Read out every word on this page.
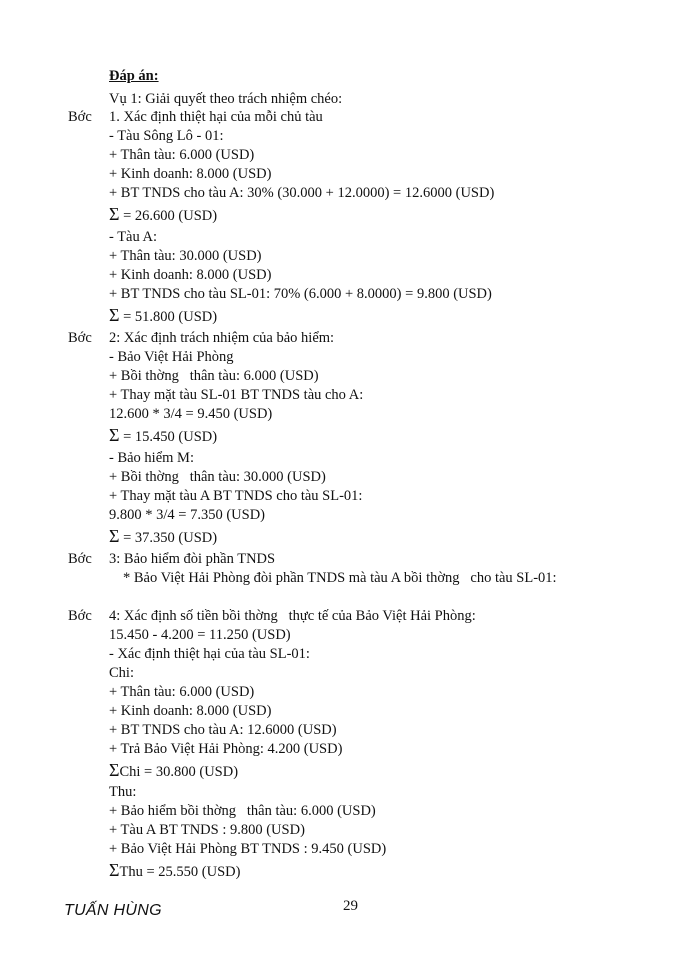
Đáp án:
Vụ 1: Giải quyết theo trách nhiệm chéo:
Bớc 1. Xác định thiệt hại của mỗi chủ tàu
- Tàu Sông Lô - 01:
+ Thân tàu: 6.000 (USD)
+ Kinh doanh: 8.000 (USD)
+ BT TNDS cho tàu A: 30% (30.000 + 12.0000) = 12.6000 (USD)
Σ = 26.600 (USD)
- Tàu A:
+ Thân tàu: 30.000 (USD)
+ Kinh doanh: 8.000 (USD)
+ BT TNDS cho tàu SL-01: 70% (6.000 + 8.0000) = 9.800 (USD)
Σ = 51.800 (USD)
Bớc 2: Xác định trách nhiệm của bảo hiểm:
- Bảo Việt Hải Phòng
+ Bồi thờng   thân tàu: 6.000 (USD)
+ Thay mặt tàu SL-01 BT TNDS tàu cho A:
12.600 * 3/4 = 9.450 (USD)
Σ = 15.450 (USD)
- Bảo hiểm M:
+ Bồi thờng   thân tàu: 30.000 (USD)
+ Thay mặt tàu A BT TNDS cho tàu SL-01:
9.800 * 3/4 = 7.350 (USD)
Σ = 37.350 (USD)
Bớc 3: Bảo hiểm đòi phần TNDS
* Bảo Việt Hải Phòng đòi phần TNDS mà tàu A bồi thờng   cho tàu SL-01:
Bớc 4: Xác định số tiền bồi thờng   thực tế của Bảo Việt Hải Phòng:
15.450 - 4.200 = 11.250 (USD)
- Xác định thiệt hại của tàu SL-01:
Chi:
+ Thân tàu: 6.000 (USD)
+ Kinh doanh: 8.000 (USD)
+ BT TNDS cho tàu A: 12.6000 (USD)
+ Trả Bảo Việt Hải Phòng: 4.200 (USD)
ΣChi = 30.800 (USD)
Thu:
+ Bảo hiểm bồi thờng   thân tàu: 6.000 (USD)
+ Tàu A BT TNDS : 9.800 (USD)
+ Bảo Việt Hải Phòng BT TNDS : 9.450 (USD)
ΣThu = 25.550 (USD)
TUẤN HÙNG	29
